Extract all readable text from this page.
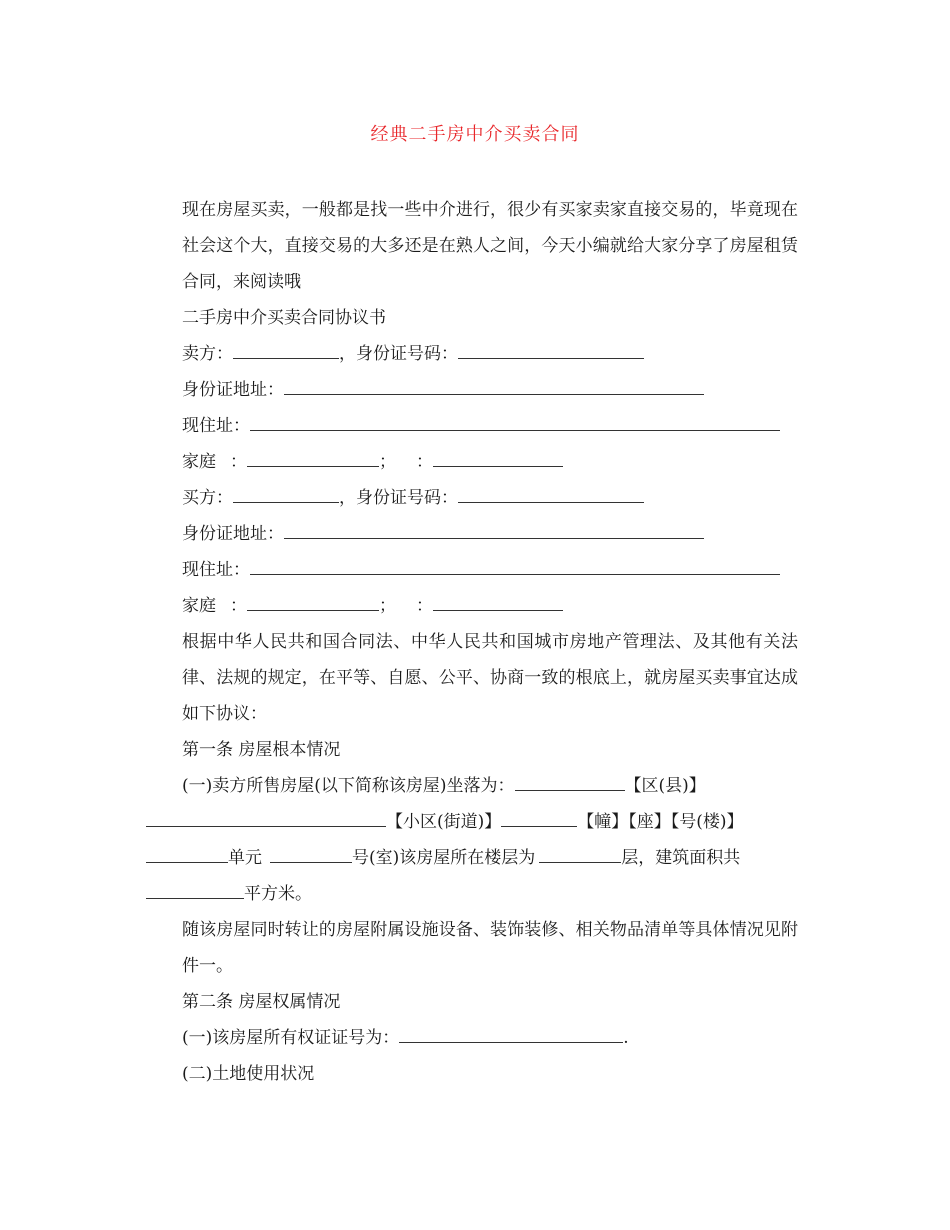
经典二手房中介买卖合同

现在房屋买卖，一般都是找一些中介进行，很少有买家卖家直接交易的，毕竟现在社会这个大，直接交易的大多还是在熟人之间，今天小编就给大家分享了房屋租赁合同，来阅读哦

二手房中介买卖合同协议书

卖方：	，身份证号码：

身份证地址：

现住址：

家庭 ：	； ：

买方：	，身份证号码：

身份证地址：

现住址：

家庭 ：	； ：

根据中华人民共和国合同法、中华人民共和国城市房地产管理法、及其他有关法律、法规的规定，在平等、自愿、公平、协商一致的根底上，就房屋买卖事宜达成如下协议：

第一条 房屋根本情况

(一)卖方所售房屋(以下简称该房屋)坐落为：	【区(县)】

【小区(街道)】	【幢】【座】【号(楼)】

单元	号(室)该房屋所在楼层为	层，建筑面积共

平方米。

随该房屋同时转让的房屋附属设施设备、装饰装修、相关物品清单等具体情况见附件一。

第二条 房屋权属情况

(一)该房屋所有权证证号为：	.

(二)土地使用状况
